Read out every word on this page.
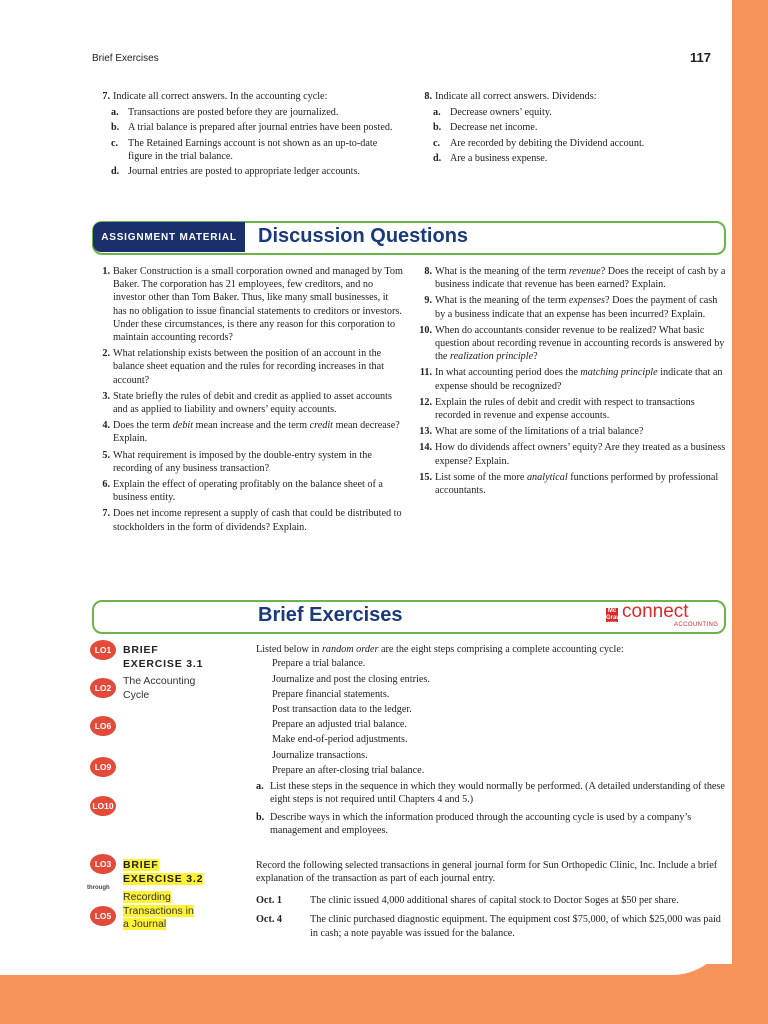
Brief Exercises	117
7. Indicate all correct answers. In the accounting cycle:
a. Transactions are posted before they are journalized.
b. A trial balance is prepared after journal entries have been posted.
c. The Retained Earnings account is not shown as an up-to-date figure in the trial balance.
d. Journal entries are posted to appropriate ledger accounts.
8. Indicate all correct answers. Dividends:
a. Decrease owners’ equity.
b. Decrease net income.
c. Are recorded by debiting the Dividend account.
d. Are a business expense.
ASSIGNMENT MATERIAL	Discussion Questions
1. Baker Construction is a small corporation owned and managed by Tom Baker. The corporation has 21 employees, few creditors, and no investor other than Tom Baker. Thus, like many small businesses, it has no obligation to issue financial statements to creditors or investors. Under these circumstances, is there any reason for this corporation to maintain accounting records?
2. What relationship exists between the position of an account in the balance sheet equation and the rules for recording increases in that account?
3. State briefly the rules of debit and credit as applied to asset accounts and as applied to liability and owners’ equity accounts.
4. Does the term debit mean increase and the term credit mean decrease? Explain.
5. What requirement is imposed by the double-entry system in the recording of any business transaction?
6. Explain the effect of operating profitably on the balance sheet of a business entity.
7. Does net income represent a supply of cash that could be distributed to stockholders in the form of dividends? Explain.
8. What is the meaning of the term revenue? Does the receipt of cash by a business indicate that revenue has been earned? Explain.
9. What is the meaning of the term expenses? Does the payment of cash by a business indicate that an expense has been incurred? Explain.
10. When do accountants consider revenue to be realized? What basic question about recording revenue in accounting records is answered by the realization principle?
11. In what accounting period does the matching principle indicate that an expense should be recognized?
12. Explain the rules of debit and credit with respect to transactions recorded in revenue and expense accounts.
13. What are some of the limitations of a trial balance?
14. How do dividends affect owners’ equity? Are they treated as a business expense? Explain.
15. List some of the more analytical functions performed by professional accountants.
Brief Exercises	Mc Graw Hill
connect
ACCOUNTING
LO1
LO2
LO6
LO9
LO10
LO3
through
LO5
BRIEF
EXERCISE 3.1
The Accounting
Cycle
Listed below in random order are the eight steps comprising a complete accounting cycle:
Prepare a trial balance.
Journalize and post the closing entries.
Prepare financial statements.
Post transaction data to the ledger.
Prepare an adjusted trial balance.
Make end-of-period adjustments.
Journalize transactions.
Prepare an after-closing trial balance.
a. List these steps in the sequence in which they would normally be performed. (A detailed understanding of these eight steps is not required until Chapters 4 and 5.)
b. Describe ways in which the information produced through the accounting cycle is used by a company’s management and employees.
BRIEF
EXERCISE 3.2
Recording
Transactions in
a Journal
Record the following selected transactions in general journal form for Sun Orthopedic Clinic, Inc. Include a brief explanation of the transaction as part of each journal entry.
Oct. 1	The clinic issued 4,000 additional shares of capital stock to Doctor Soges at $50 per share.
Oct. 4	The clinic purchased diagnostic equipment. The equipment cost $75,000, of which $25,000 was paid in cash; a note payable was issued for the balance.
